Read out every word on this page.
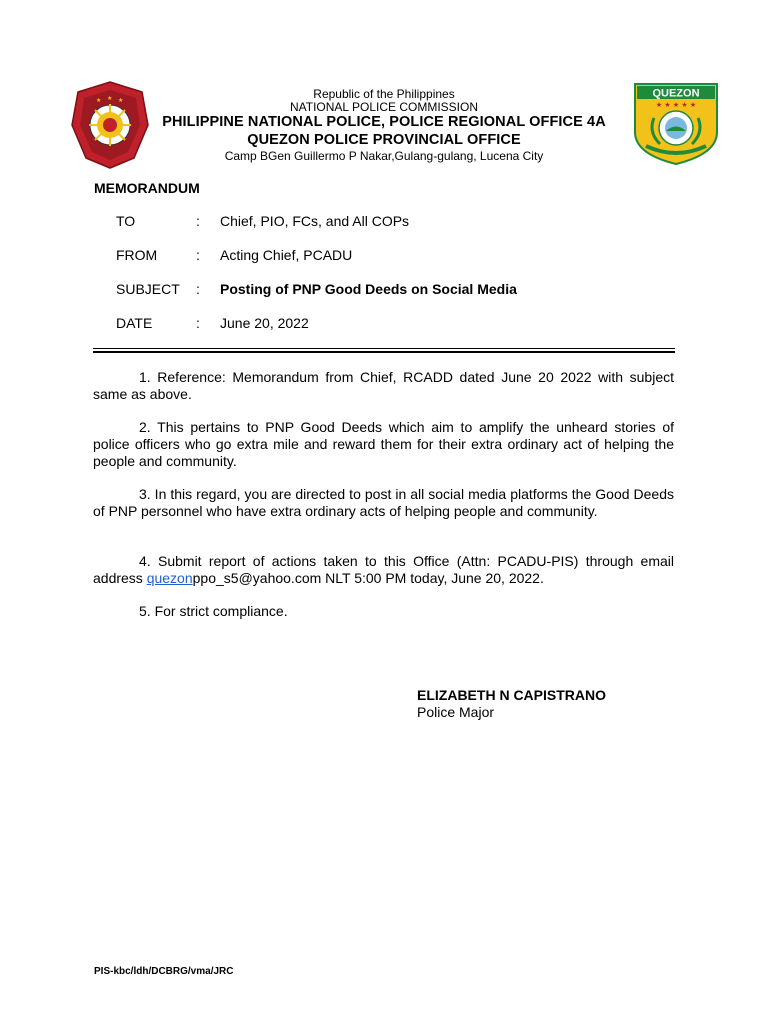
★ ★ ★
QUEZON
★ ★ ★ ★ ★
Republic of the Philippines
NATIONAL POLICE COMMISSION
PHILIPPINE NATIONAL POLICE, POLICE REGIONAL OFFICE 4A
QUEZON POLICE PROVINCIAL OFFICE
Camp BGen Guillermo P Nakar,Gulang-gulang, Lucena City
MEMORANDUM
TO	: Chief, PIO, FCs, and All COPs
FROM	: Acting Chief, PCADU
SUBJECT : Posting of PNP Good Deeds on Social Media
DATE	: June 20, 2022
1. Reference: Memorandum from Chief, RCADD dated June 20 2022 with subject same as above.
2. This pertains to PNP Good Deeds which aim to amplify the unheard stories of police officers who go extra mile and reward them for their extra ordinary act of helping the people and community.
3. In this regard, you are directed to post in all social media platforms the Good Deeds of PNP personnel who have extra ordinary acts of helping people and community.
4. Submit report of actions taken to this Office (Attn: PCADU-PIS) through email address quezonppo_s5@yahoo.com NLT 5:00 PM today, June 20, 2022.
5. For strict compliance.
ELIZABETH N CAPISTRANO
Police Major
PIS-kbc/ldh/DCBRG/vma/JRC
